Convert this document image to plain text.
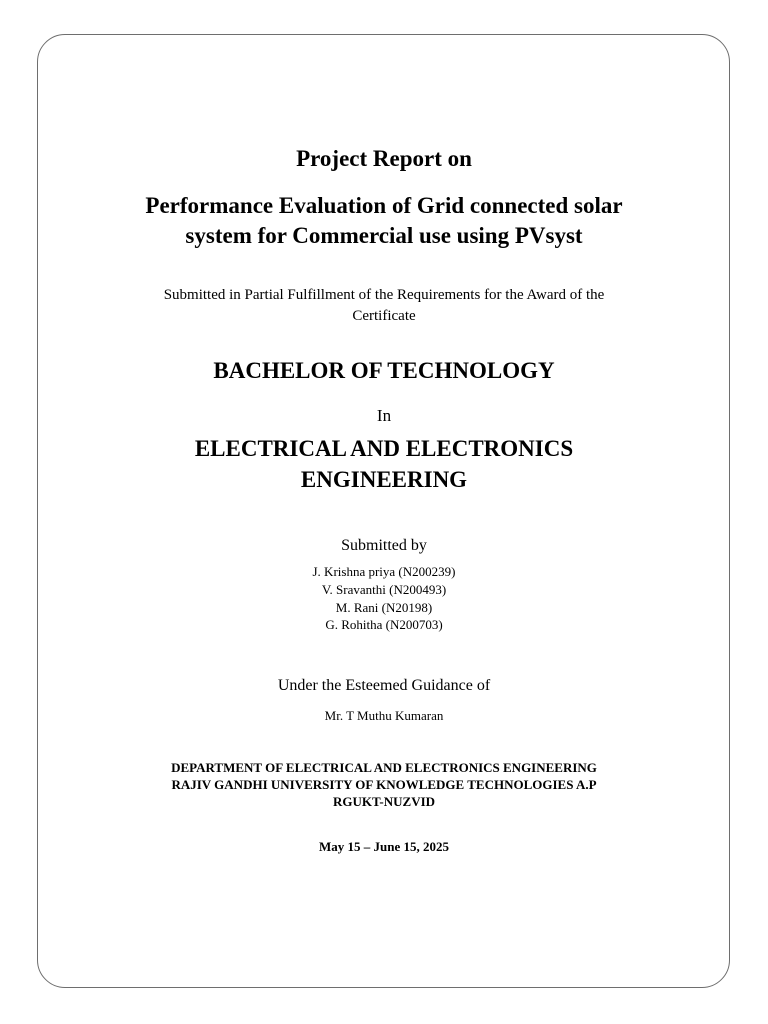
Project Report on
Performance Evaluation of Grid connected solar
system for Commercial use using PVsyst
Submitted in Partial Fulfillment of the Requirements for the Award of the
Certificate
BACHELOR OF TECHNOLOGY
In
ELECTRICAL AND ELECTRONICS
ENGINEERING
Submitted by
J. Krishna priya (N200239)
V. Sravanthi (N200493)
M. Rani (N20198)
G. Rohitha (N200703)
Under the Esteemed Guidance of
Mr. T Muthu Kumaran
DEPARTMENT OF ELECTRICAL AND ELECTRONICS ENGINEERING
RAJIV GANDHI UNIVERSITY OF KNOWLEDGE TECHNOLOGIES A.P
RGUKT-NUZVID
May 15 – June 15, 2025
